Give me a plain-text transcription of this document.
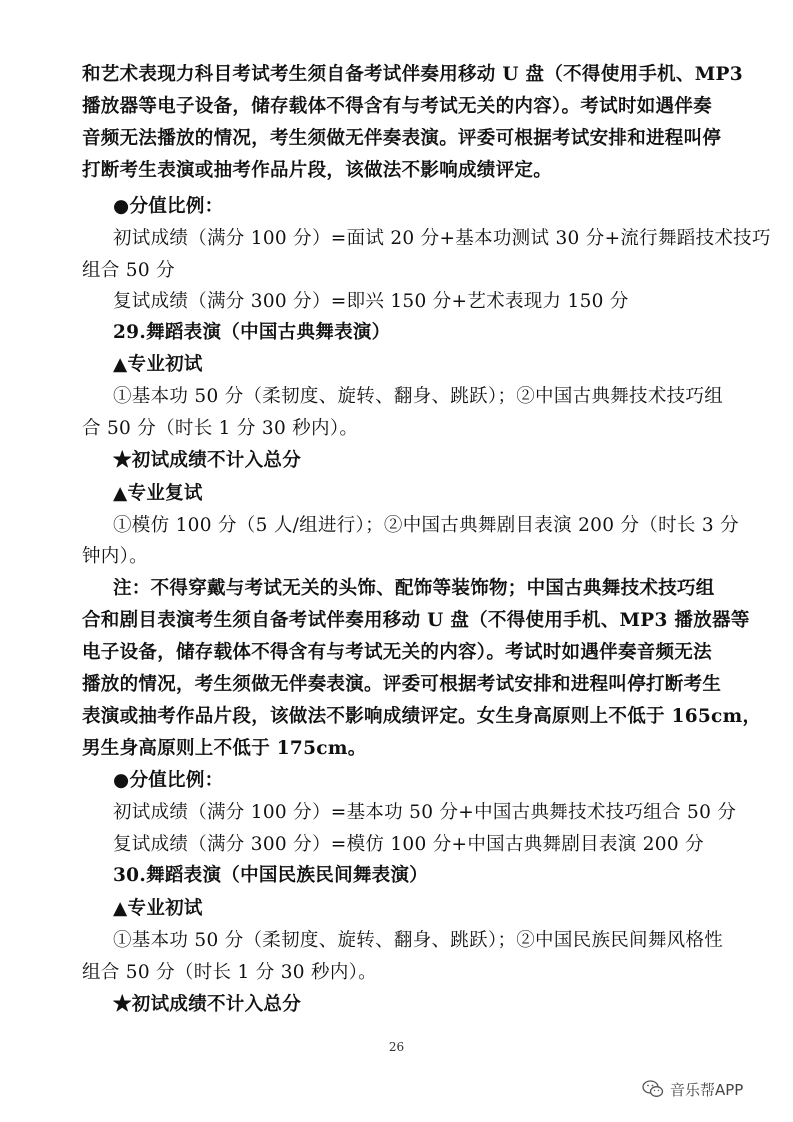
和艺术表现力科目考试考生须自备考试伴奏用移动 U 盘（不得使用手机、MP3
播放器等电子设备，储存载体不得含有与考试无关的内容）。考试时如遇伴奏
音频无法播放的情况，考生须做无伴奏表演。评委可根据考试安排和进程叫停
打断考生表演或抽考作品片段，该做法不影响成绩评定。
●分值比例：
初试成绩（满分 100 分）=面试 20 分+基本功测试 30 分+流行舞蹈技术技巧
组合 50 分
复试成绩（满分 300 分）=即兴 150 分+艺术表现力 150 分
29.舞蹈表演（中国古典舞表演）
▲专业初试
①基本功 50 分（柔韧度、旋转、翻身、跳跃）；②中国古典舞技术技巧组
合 50 分（时长 1 分 30 秒内）。
★初试成绩不计入总分
▲专业复试
①模仿 100 分（5 人/组进行）；②中国古典舞剧目表演 200 分（时长 3 分
钟内）。
注：不得穿戴与考试无关的头饰、配饰等装饰物；中国古典舞技术技巧组
合和剧目表演考生须自备考试伴奏用移动 U 盘（不得使用手机、MP3 播放器等
电子设备，储存载体不得含有与考试无关的内容）。考试时如遇伴奏音频无法
播放的情况，考生须做无伴奏表演。评委可根据考试安排和进程叫停打断考生
表演或抽考作品片段，该做法不影响成绩评定。女生身高原则上不低于 165cm，
男生身高原则上不低于 175cm。
●分值比例：
初试成绩（满分 100 分）=基本功 50 分+中国古典舞技术技巧组合 50 分
复试成绩（满分 300 分）=模仿 100 分+中国古典舞剧目表演 200 分
30.舞蹈表演（中国民族民间舞表演）
▲专业初试
①基本功 50 分（柔韧度、旋转、翻身、跳跃）；②中国民族民间舞风格性
组合 50 分（时长 1 分 30 秒内）。
★初试成绩不计入总分
26
音乐帮APP
